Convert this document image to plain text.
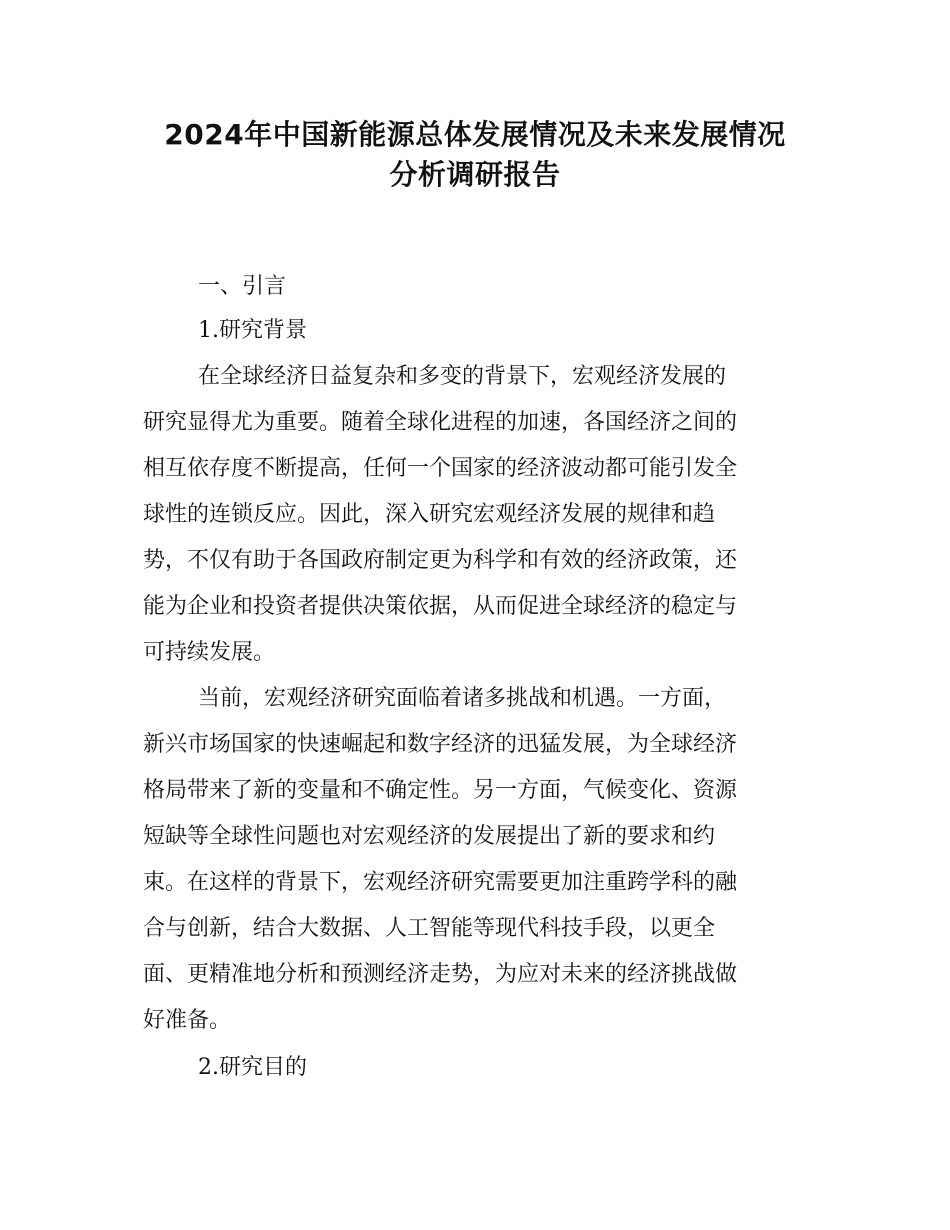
2024年中国新能源总体发展情况及未来发展情况
分析调研报告

一、引言

1.研究背景

在全球经济日益复杂和多变的背景下，宏观经济发展的

研究显得尤为重要。随着全球化进程的加速，各国经济之间的

相互依存度不断提高，任何一个国家的经济波动都可能引发全

球性的连锁反应。因此，深入研究宏观经济发展的规律和趋

势，不仅有助于各国政府制定更为科学和有效的经济政策，还

能为企业和投资者提供决策依据，从而促进全球经济的稳定与

可持续发展。

当前，宏观经济研究面临着诸多挑战和机遇。一方面，

新兴市场国家的快速崛起和数字经济的迅猛发展，为全球经济

格局带来了新的变量和不确定性。另一方面，气候变化、资源

短缺等全球性问题也对宏观经济的发展提出了新的要求和约

束。在这样的背景下，宏观经济研究需要更加注重跨学科的融

合与创新，结合大数据、人工智能等现代科技手段，以更全

面、更精准地分析和预测经济走势，为应对未来的经济挑战做

好准备。

2.研究目的
